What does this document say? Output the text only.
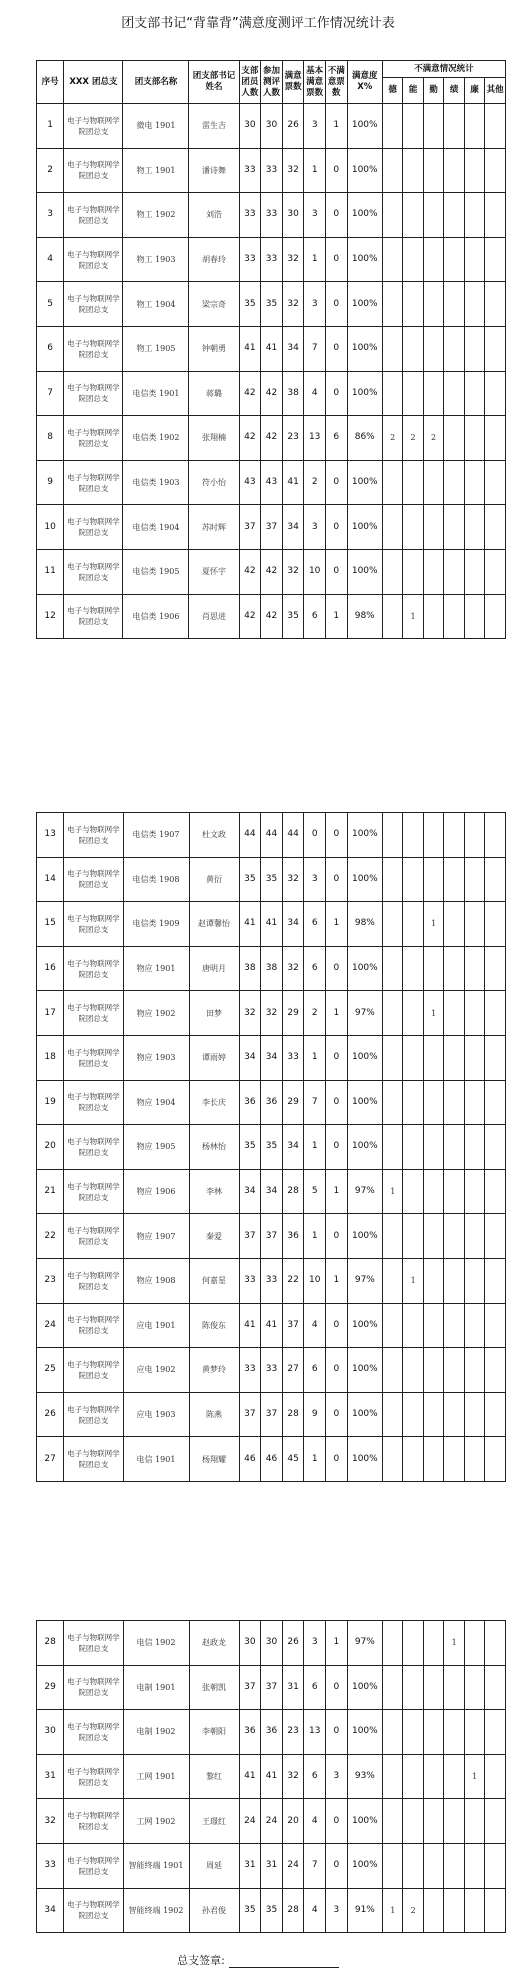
团支部书记“背靠背”满意度测评工作情况统计表
序号	XXX 团总支	团支部名称	团支部书记姓名	支部团员人数	参加测评人数	满意票数	基本满意票数	不满意票数	满意度X%	不满意情况统计					
										德	能	勤	绩	廉	其他
1	电子与物联网学院团总支	微电 1901	雷生吉	30	30	26	3	1	100%						
2	电子与物联网学院团总支	物工 1901	潘诗舞	33	33	32	1	0	100%						
3	电子与物联网学院团总支	物工 1902	刘浩	33	33	30	3	0	100%						
4	电子与物联网学院团总支	物工 1903	胡春玲	33	33	32	1	0	100%						
5	电子与物联网学院团总支	物工 1904	梁宗奇	35	35	32	3	0	100%						
6	电子与物联网学院团总支	物工 1905	钟朝勇	41	41	34	7	0	100%						
7	电子与物联网学院团总支	电信类 1901	蒋璐	42	42	38	4	0	100%						
8	电子与物联网学院团总支	电信类 1902	张翔楠	42	42	23	13	6	86%	2	2	2			
9	电子与物联网学院团总支	电信类 1903	符小怡	43	43	41	2	0	100%						
10	电子与物联网学院团总支	电信类 1904	苏时辉	37	37	34	3	0	100%						
11	电子与物联网学院团总支	电信类 1905	夏怀宇	42	42	32	10	0	100%						
12	电子与物联网学院团总支	电信类 1906	肖思进	42	42	35	6	1	98%		1				
13	电子与物联网学院团总支	电信类 1907	杜文政	44	44	44	0	0	100%						
14	电子与物联网学院团总支	电信类 1908	黄衍	35	35	32	3	0	100%						
15	电子与物联网学院团总支	电信类 1909	赵谭馨怡	41	41	34	6	1	98%			1			
16	电子与物联网学院团总支	物应 1901	唐明月	38	38	32	6	0	100%						
17	电子与物联网学院团总支	物应 1902	田梦	32	32	29	2	1	97%			1			
18	电子与物联网学院团总支	物应 1903	谭雨婷	34	34	33	1	0	100%						
19	电子与物联网学院团总支	物应 1904	李长庆	36	36	29	7	0	100%						
20	电子与物联网学院团总支	物应 1905	杨林怡	35	35	34	1	0	100%						
21	电子与物联网学院团总支	物应 1906	李林	34	34	28	5	1	97%	1					
22	电子与物联网学院团总支	物应 1907	秦爱	37	37	36	1	0	100%						
23	电子与物联网学院团总支	物应 1908	何嘉星	33	33	22	10	1	97%		1				
24	电子与物联网学院团总支	应电 1901	陈俊东	41	41	37	4	0	100%						
25	电子与物联网学院团总支	应电 1902	黄梦玲	33	33	27	6	0	100%						
26	电子与物联网学院团总支	应电 1903	陈燕	37	37	28	9	0	100%						
27	电子与物联网学院团总支	电信 1901	杨翔耀	46	46	45	1	0	100%						
28	电子与物联网学院团总支	电信 1902	赵政龙	30	30	26	3	1	97%				1		
29	电子与物联网学院团总支	电制 1901	张朝凯	37	37	31	6	0	100%						
30	电子与物联网学院团总支	电制 1902	李朝阳	36	36	23	13	0	100%						
31	电子与物联网学院团总支	工网 1901	黎红	41	41	32	6	3	93%					1	
32	电子与物联网学院团总支	工网 1902	王璟红	24	24	20	4	0	100%						
33	电子与物联网学院团总支	智能终端 1901	周延	31	31	24	7	0	100%						
34	电子与物联网学院团总支	智能终端 1902	孙君俊	35	35	28	4	3	91%	1	2				
总支签章:
